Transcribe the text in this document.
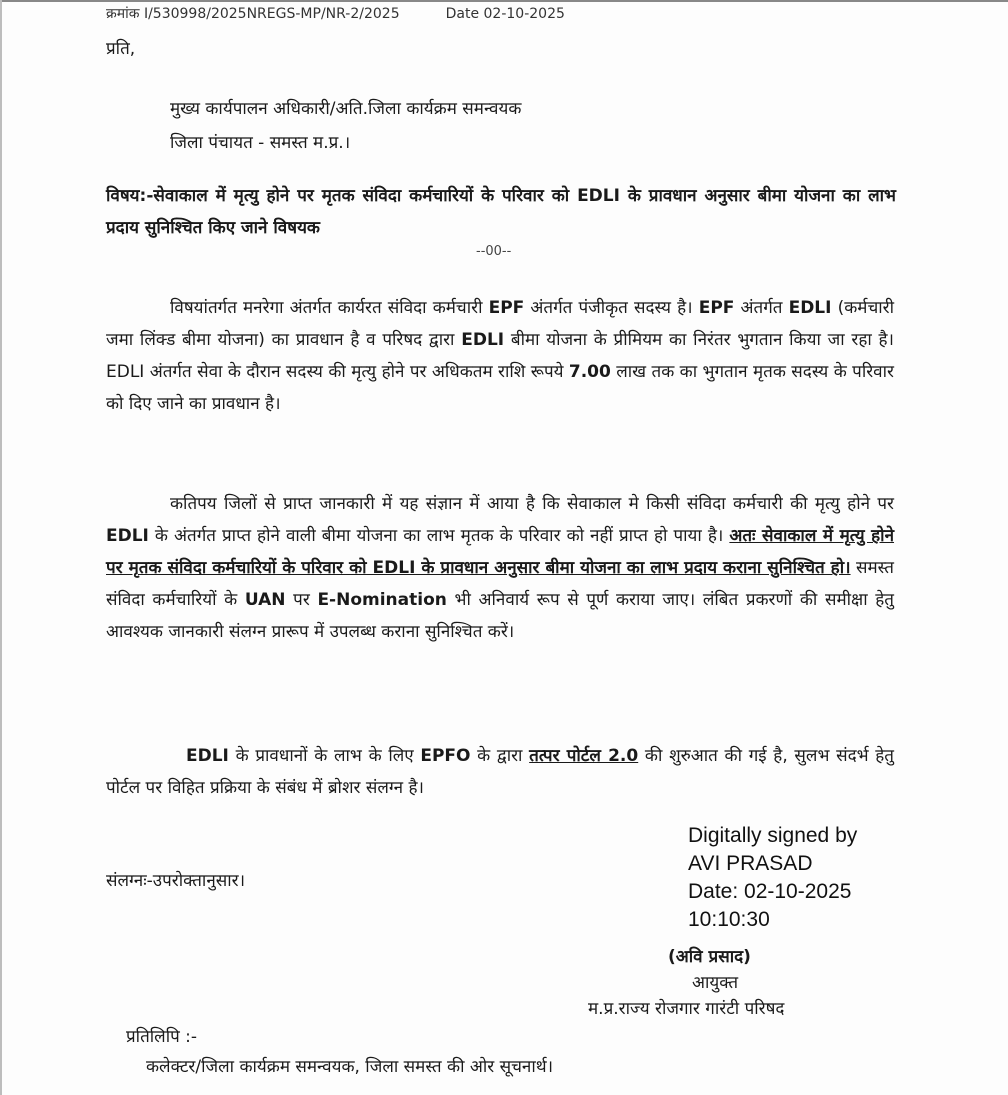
क्रमांक I/530998/2025NREGS-MP/NR-2/2025	Date 02-10-2025
प्रति,
मुख्य कार्यपालन अधिकारी/अति.जिला कार्यक्रम समन्वयक
जिला पंचायत - समस्त म.प्र.।
विषय:-सेवाकाल में मृत्यु होने पर मृतक संविदा कर्मचारियों के परिवार को EDLI के प्रावधान अनुसार बीमा योजना का लाभ प्रदाय सुनिश्चित किए जाने विषयक
--00--
विषयांतर्गत मनरेगा अंतर्गत कार्यरत संविदा कर्मचारी EPF अंतर्गत पंजीकृत सदस्य है। EPF अंतर्गत EDLI (कर्मचारी जमा लिंक्ड बीमा योजना) का प्रावधान है व परिषद द्वारा EDLI बीमा योजना के प्रीमियम का निरंतर भुगतान किया जा रहा है। EDLI अंतर्गत सेवा के दौरान सदस्य की मृत्यु होने पर अधिकतम राशि रूपये 7.00 लाख तक का भुगतान मृतक सदस्य के परिवार को दिए जाने का प्रावधान है।
कतिपय जिलों से प्राप्त जानकारी में यह संज्ञान में आया है कि सेवाकाल मे किसी संविदा कर्मचारी की मृत्यु होने पर EDLI के अंतर्गत प्राप्त होने वाली बीमा योजना का लाभ मृतक के परिवार को नहीं प्राप्त हो पाया है। अतः सेवाकाल में मृत्यु होने पर मृतक संविदा कर्मचारियों के परिवार को EDLI के प्रावधान अनुसार बीमा योजना का लाभ प्रदाय कराना सुनिश्चित हो। समस्त संविदा कर्मचारियों के UAN पर E-Nomination भी अनिवार्य रूप से पूर्ण कराया जाए। लंबित प्रकरणों की समीक्षा हेतु आवश्यक जानकारी संलग्न प्रारूप में उपलब्ध कराना सुनिश्चित करें।
EDLI के प्रावधानों के लाभ के लिए EPFO के द्वारा तत्पर पोर्टल 2.0 की शुरुआत की गई है, सुलभ संदर्भ हेतु पोर्टल पर विहित प्रक्रिया के संबंध में ब्रोशर संलग्न है।
Digitally signed by
AVI PRASAD
Date: 02-10-2025
10:10:30
संलग्नः-उपरोक्तानुसार।
(अवि प्रसाद)
आयुक्त
म.प्र.राज्य रोजगार गारंटी परिषद
प्रतिलिपि :-
कलेक्टर/जिला कार्यक्रम समन्वयक, जिला समस्त की ओर सूचनार्थ।
